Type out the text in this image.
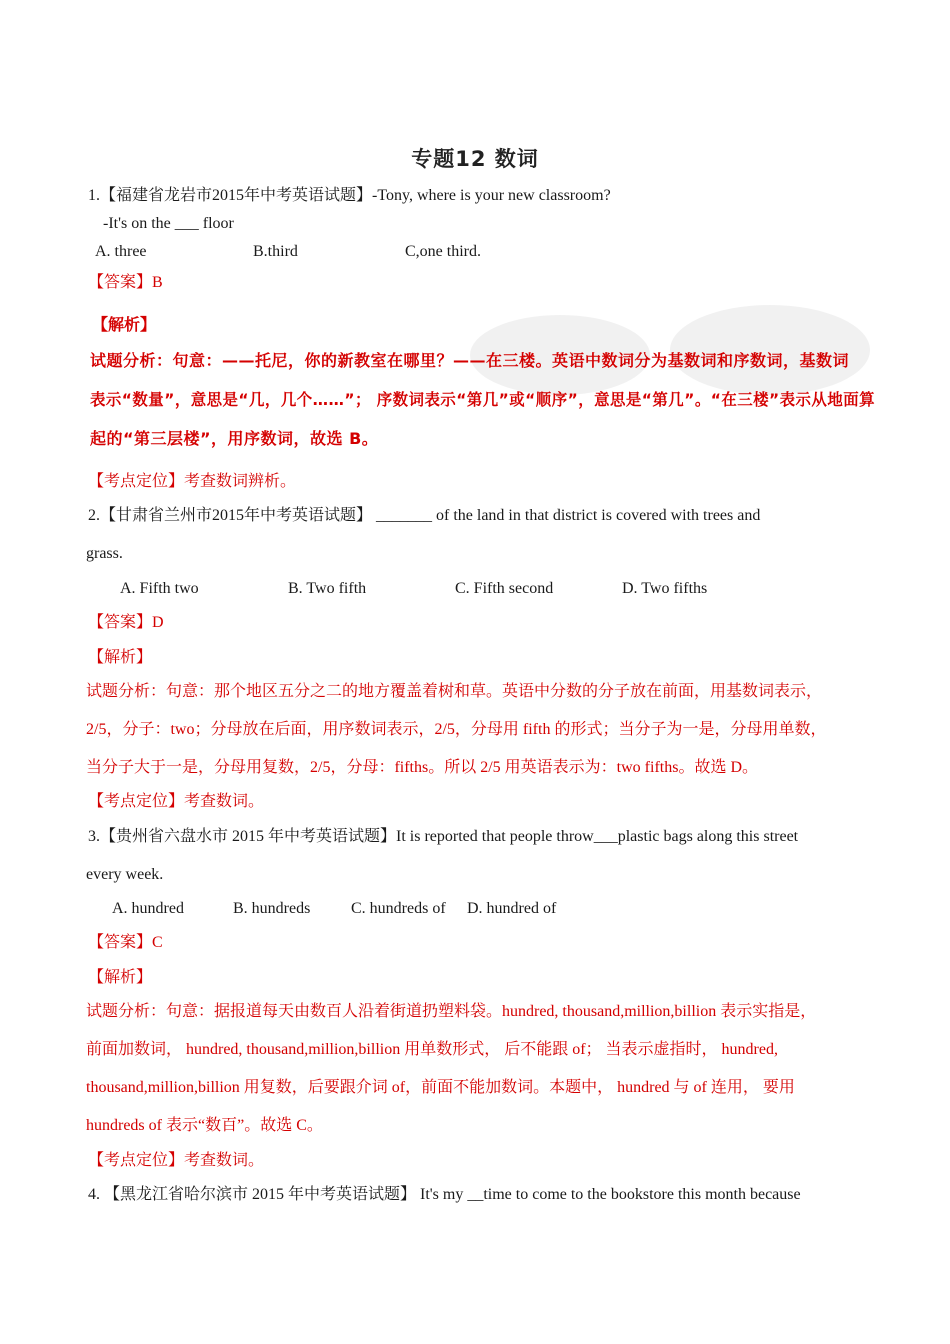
专题12 数词
1.【福建省龙岩市2015年中考英语试题】-Tony, where is your new classroom?
-It's on the ___ floor
A. three	B.third	C,one third.
【答案】B
【解析】
试题分析：句意：——托尼，你的新教室在哪里？——在三楼。英语中数词分为基数词和序数词，基数词
表示“数量”，意思是“几，几个……”； 序数词表示“第几”或“顺序”，意思是“第几”。“在三楼”表示从地面算
起的“第三层楼”，用序数词，故选 B。
【考点定位】考查数词辨析。
2.【甘肃省兰州市2015年中考英语试题】 _______ of the land in that district is covered with trees and
grass.
A. Fifth two	B. Two fifth	C. Fifth second	D. Two fifths
【答案】D
【解析】
试题分析：句意：那个地区五分之二的地方覆盖着树和草。英语中分数的分子放在前面，用基数词表示，
2/5，分子：two；分母放在后面，用序数词表示，2/5，分母用 fifth 的形式；当分子为一是，分母用单数，
当分子大于一是，分母用复数，2/5，分母：fifths。所以 2/5 用英语表示为：two fifths。故选 D。
【考点定位】考查数词。
3.【贵州省六盘水市 2015 年中考英语试题】It is reported that people throw___plastic bags along this street
every week.
A. hundred	B. hundreds	C. hundreds of D. hundred of
【答案】C
【解析】
试题分析：句意：据报道每天由数百人沿着街道扔塑料袋。hundred, thousand,million,billion 表示实指是，
前面加数词， hundred, thousand,million,billion 用单数形式， 后不能跟 of； 当表示虚指时， hundred,
thousand,million,billion 用复数，后要跟介词 of，前面不能加数词。本题中， hundred 与 of 连用， 要用
hundreds of 表示“数百”。故选 C。
【考点定位】考查数词。
4. 【黑龙江省哈尔滨市 2015 年中考英语试题】 It's my __time to come to the bookstore this month because
